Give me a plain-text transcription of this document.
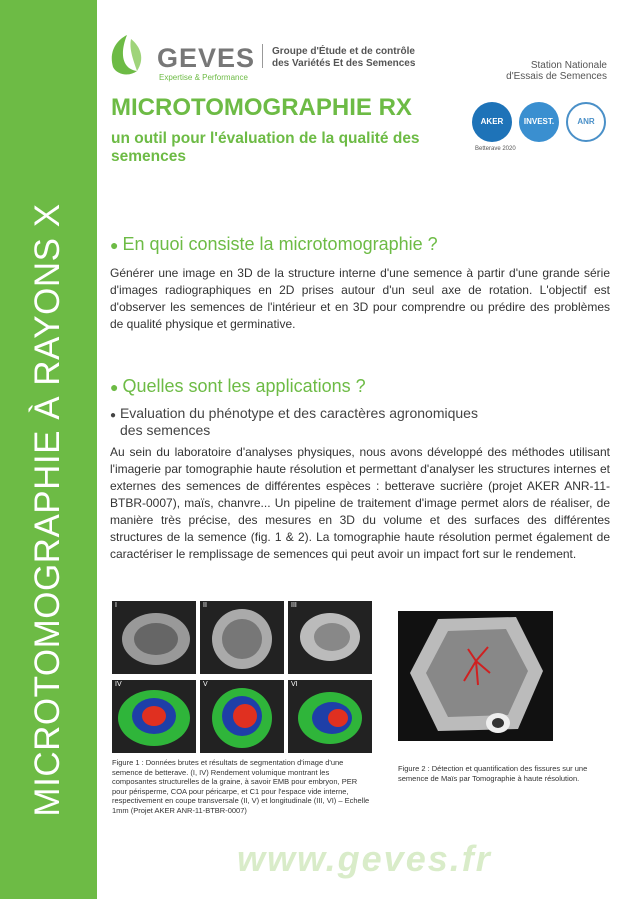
MICROTOMOGRAPHIE À RAYONS X
GEVES
Expertise & Performance
Groupe d'Étude et de contrôle
des Variétés Et des Semences	Station Nationale
d'Essais de Semences
MICROTOMOGRAPHIE RX
un outil pour l'évaluation de la qualité des semences
AKER	INVEST.	ANR
Betterave 2020
● En quoi consiste la microtomographie ?
Générer une image en 3D de la structure interne d'une semence à partir d'une grande série d'images radiographiques en 2D prises autour d'un seul axe de rotation. L'objectif est d'observer les semences de l'intérieur et en 3D pour comprendre ou prédire des problèmes de qualité physique et germinative.
● Quelles sont les applications ?
● Evaluation du phénotype et des caractères agronomiques
des semences
Au sein du laboratoire d'analyses physiques, nous avons développé des méthodes utilisant l'imagerie par tomographie haute résolution et permettant d'analyser les structures internes et externes des semences de différentes espèces : betterave sucrière (projet AKER ANR-11-BTBR-0007), maïs, chanvre... Un pipeline de traitement d'image permet alors de réaliser, de manière très précise, des mesures en 3D du volume et des surfaces des différentes structures de la semence (fig. 1 & 2). La tomographie haute résolution permet également de caractériser le remplissage de semences qui peut avoir un impact fort sur le rendement.
I	II	III
IV	V	VI
Figure 1 : Données brutes et résultats de segmentation d'image d'une semence de betterave. (I, IV) Rendement volumique montrant les composantes structurelles de la graine, à savoir EMB pour embryon, PER pour périsperme, COA pour péricarpe, et C1 pour l'espace vide interne, respectivement en coupe transversale (II, V) et longitudinale (III, VI) – Echelle 1mm (Projet AKER ANR-11-BTBR-0007)
Figure 2 : Détection et quantification des fissures sur une semence de Maïs par Tomographie à haute résolution.
www.geves.fr
